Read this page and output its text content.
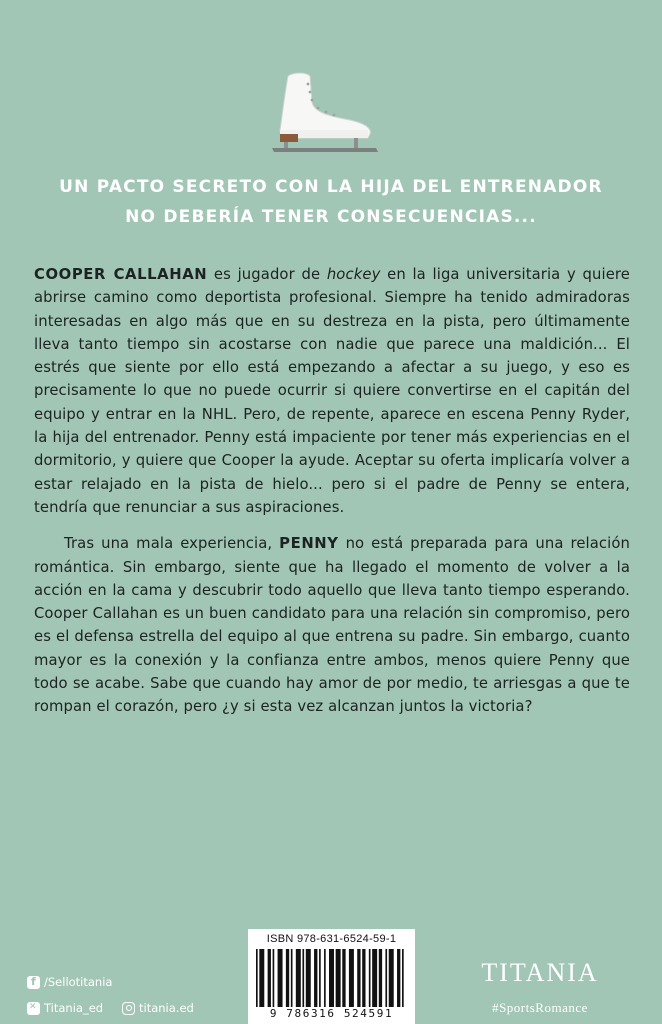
UN PACTO SECRETO CON LA HIJA DEL ENTRENADOR
NO DEBERÍA TENER CONSECUENCIAS...

COOPER CALLAHAN es jugador de hockey en la liga universitaria y quiere abrirse camino como deportista profesional. Siempre ha tenido admiradoras interesadas en algo más que en su destreza en la pista, pero últimamente lleva tanto tiempo sin acostarse con nadie que parece una maldición... El estrés que siente por ello está empezando a afectar a su juego, y eso es precisamente lo que no puede ocurrir si quiere convertirse en el capitán del equipo y entrar en la NHL. Pero, de repente, aparece en escena Penny Ryder, la hija del entrenador. Penny está impaciente por tener más experiencias en el dormitorio, y quiere que Cooper la ayude. Aceptar su oferta implicaría volver a estar relajado en la pista de hielo... pero si el padre de Penny se entera, tendría que renunciar a sus aspiraciones.

Tras una mala experiencia, PENNY no está preparada para una relación romántica. Sin embargo, siente que ha llegado el momento de volver a la acción en la cama y descubrir todo aquello que lleva tanto tiempo esperando. Cooper Callahan es un buen candidato para una relación sin compromiso, pero es el defensa estrella del equipo al que entrena su padre. Sin embargo, cuanto mayor es la conexión y la confianza entre ambos, menos quiere Penny que todo se acabe. Sabe que cuando hay amor de por medio, te arriesgas a que te rompan el corazón, pero ¿y si esta vez alcanzan juntos la victoria?

ISBN 978-631-6524-59-1
9 786316 524591
f
/Sellotitania
✕
Titania_ed	titania.ed
TITANIA
#SportsRomance
